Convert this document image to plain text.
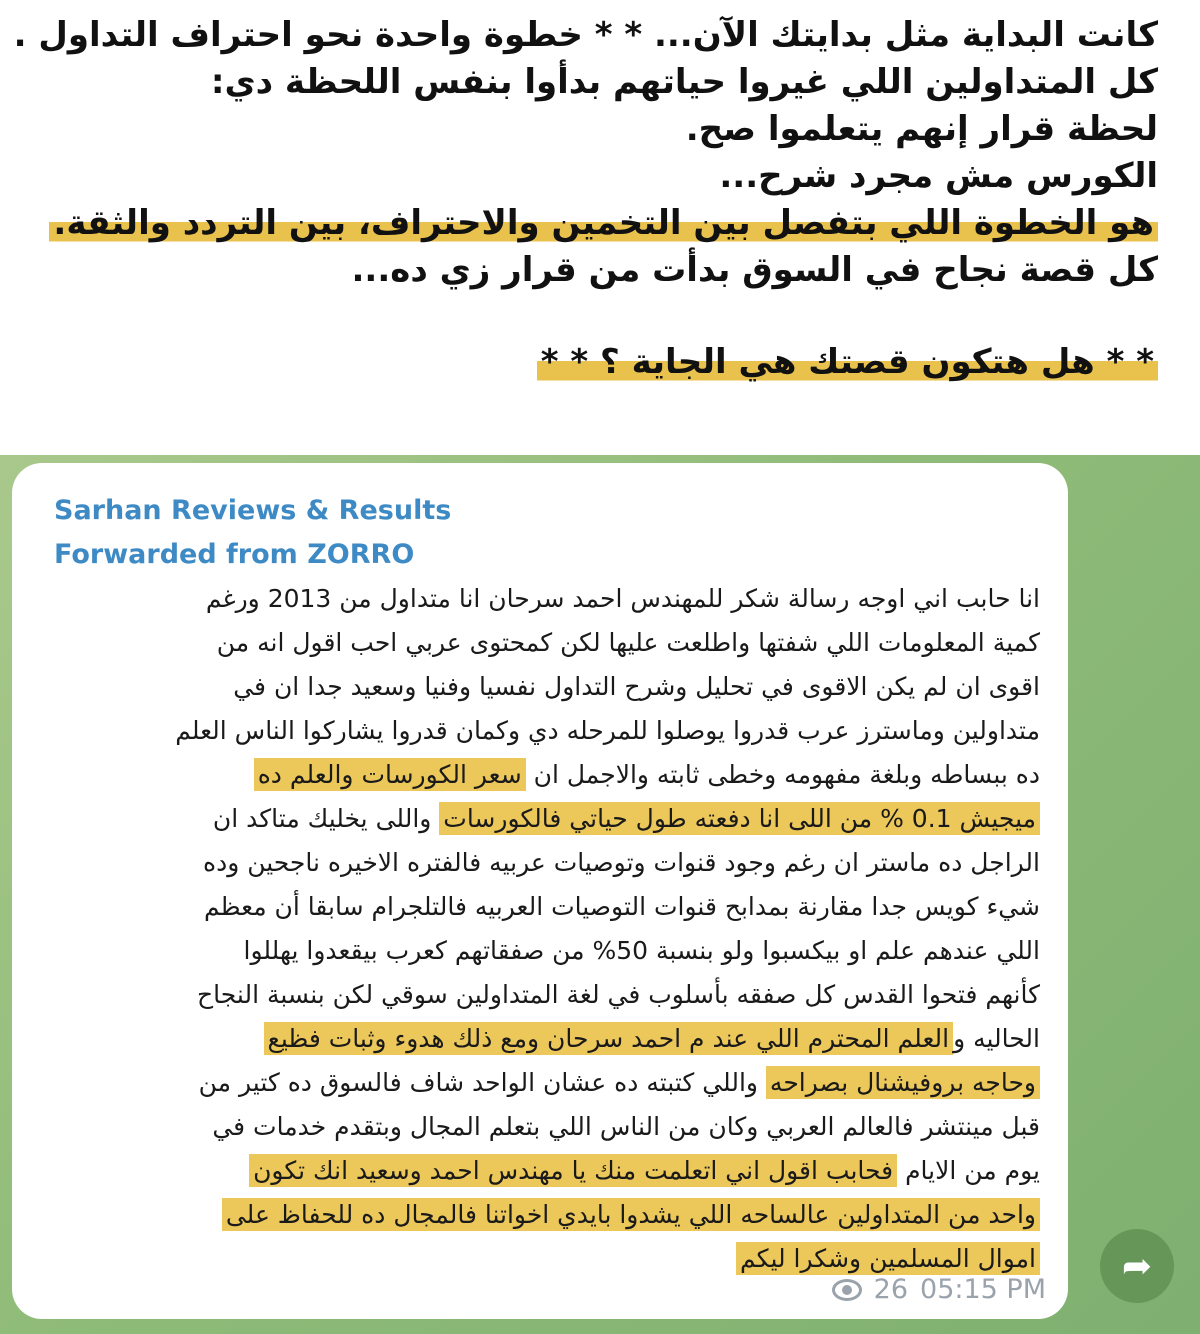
كانت البداية مثل بدايتك الآن... * * خطوة واحدة نحو احتراف التداول .
كل المتداولين اللي غيروا حياتهم بدأوا بنفس اللحظة دي:
لحظة قرار إنهم يتعلموا صح.
الكورس مش مجرد شرح...
هو الخطوة اللي بتفصل بين التخمين والاحتراف، بين التردد والثقة.
كل قصة نجاح في السوق بدأت من قرار زي ده...
* * هل هتكون قصتك هي الجاية ؟ * *
Sarhan Reviews & Results
Forwarded from ZORRO
انا حابب اني اوجه رسالة شكر للمهندس احمد سرحان انا متداول من 2013 ورغم
كمية المعلومات اللي شفتها واطلعت عليها لكن كمحتوى عربي احب اقول انه من
اقوى ان لم يكن الاقوى في تحليل وشرح التداول نفسيا وفنيا وسعيد جدا ان في
متداولين وماسترز عرب قدروا يوصلوا للمرحله دي وكمان قدروا يشاركوا الناس العلم
ده ببساطه وبلغة مفهومه وخطى ثابته والاجمل ان سعر الكورسات والعلم ده
ميجيش 0.1 % من اللى انا دفعته طول حياتي فالكورسات واللى يخليك متاكد ان
الراجل ده ماستر ان رغم وجود قنوات وتوصيات عربيه فالفتره الاخيره ناجحين وده
شيء كويس جدا مقارنة بمدابح قنوات التوصيات العربيه فالتلجرام سابقا أن معظم
اللي عندهم علم او بيكسبوا ولو بنسبة 50% من صفقاتهم كعرب بيقعدوا يهللوا
كأنهم فتحوا القدس كل صفقه بأسلوب في لغة المتداولين سوقي لكن بنسبة النجاح
الحاليه والعلم المحترم اللي عند م احمد سرحان ومع ذلك هدوء وثبات فظيع
وحاجه بروفيشنال بصراحه واللي كتبته ده عشان الواحد شاف فالسوق ده كتير من
قبل مينتشر فالعالم العربي وكان من الناس اللي بتعلم المجال وبتقدم خدمات في
يوم من الايام فحابب اقول اني اتعلمت منك يا مهندس احمد وسعيد انك تكون
واحد من المتداولين عالساحه اللي يشدوا بايدي اخواتنا فالمجال ده للحفاظ على
اموال المسلمين وشكرا ليكم
26 05:15 PM
➦
